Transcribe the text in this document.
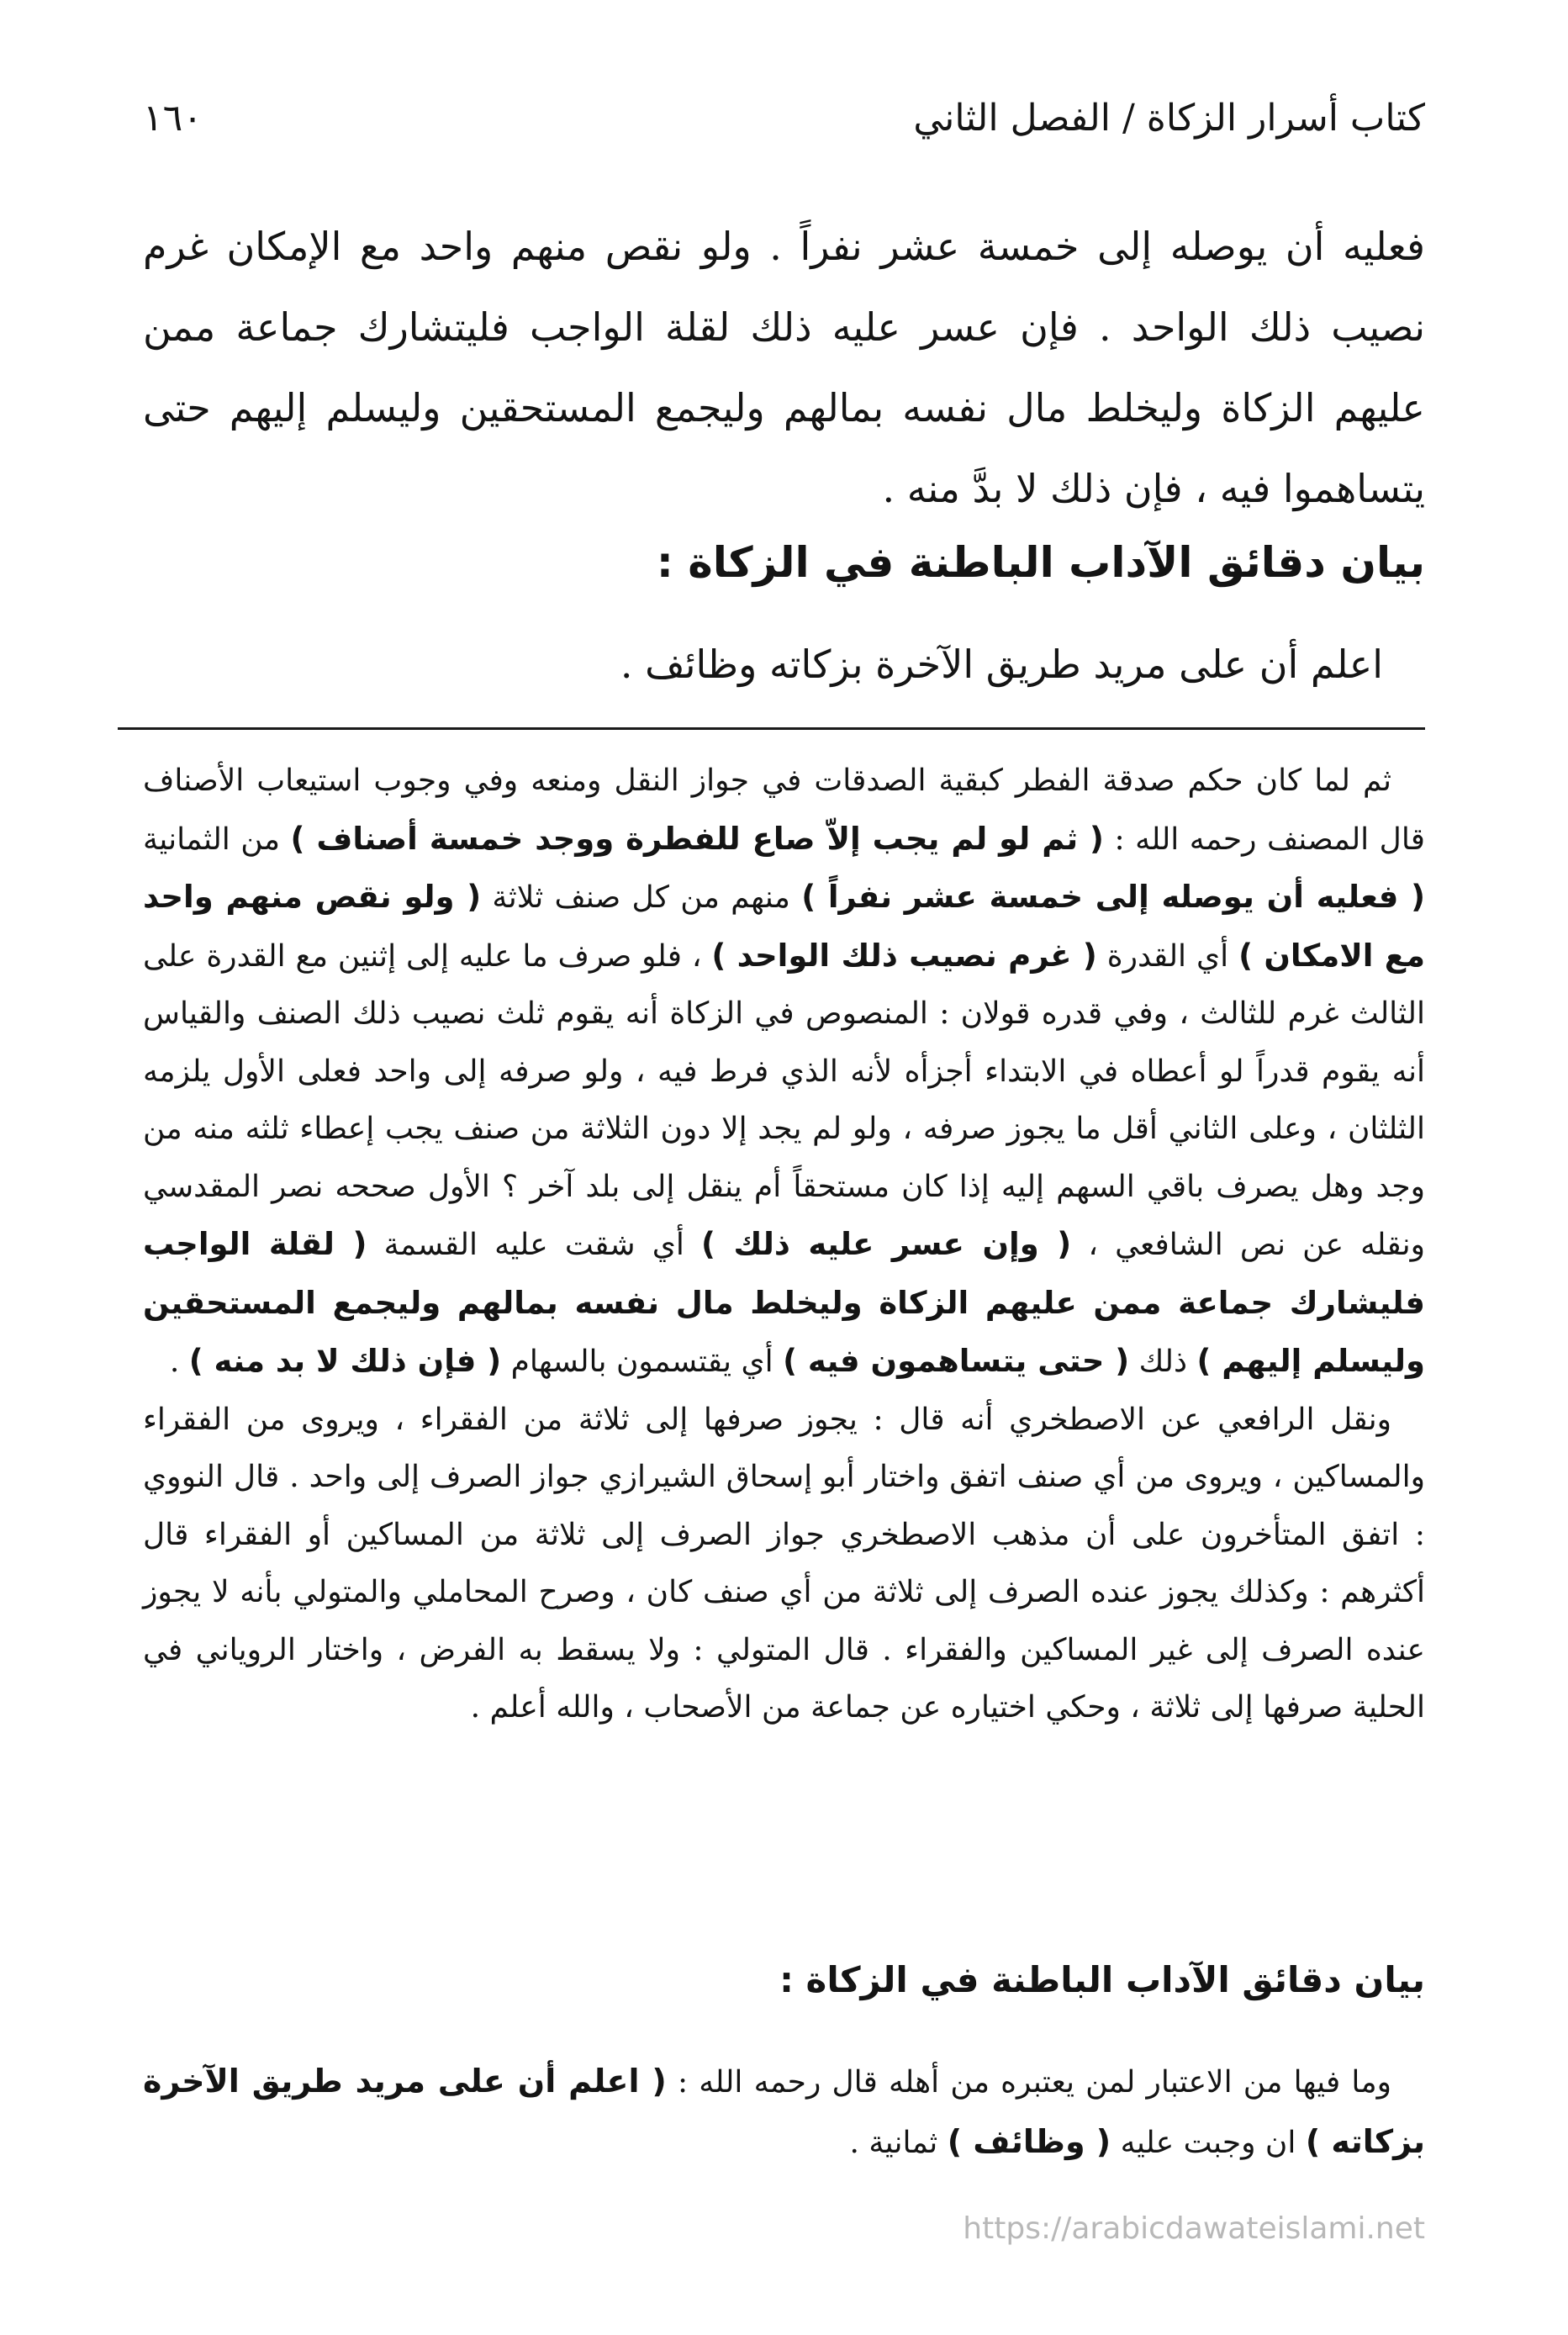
كتاب أسرار الزكاة / الفصل الثاني
١٦٠

فعليه أن يوصله إلى خمسة عشر نفراً . ولو نقص منهم واحد مع الإمكان غرم نصيب ذلك الواحد . فإن عسر عليه ذلك لقلة الواجب فليتشارك جماعة ممن عليهم الزكاة وليخلط مال نفسه بمالهم وليجمع المستحقين وليسلم إليهم حتى يتساهموا فيه ، فإن ذلك لا بدَّ منه .

بيان دقائق الآداب الباطنة في الزكاة :
اعلم أن على مريد طريق الآخرة بزكاته وظائف .

ثم لما كان حكم صدقة الفطر كبقية الصدقات في جواز النقل ومنعه وفي وجوب استيعاب الأصناف قال المصنف رحمه الله : ( ثم لو لم يجب إلاّ صاع للفطرة ووجد خمسة أصناف ) من الثمانية ( فعليه أن يوصله إلى خمسة عشر نفراً ) منهم من كل صنف ثلاثة ( ولو نقص منهم واحد مع الامكان ) أي القدرة ( غرم نصيب ذلك الواحد ) ، فلو صرف ما عليه إلى إثنين مع القدرة على الثالث غرم للثالث ، وفي قدره قولان : المنصوص في الزكاة أنه يقوم ثلث نصيب ذلك الصنف والقياس أنه يقوم قدراً لو أعطاه في الابتداء أجزأه لأنه الذي فرط فيه ، ولو صرفه إلى واحد فعلى الأول يلزمه الثلثان ، وعلى الثاني أقل ما يجوز صرفه ، ولو لم يجد إلا دون الثلاثة من صنف يجب إعطاء ثلثه منه من وجد وهل يصرف باقي السهم إليه إذا كان مستحقاً أم ينقل إلى بلد آخر ؟ الأول صححه نصر المقدسي ونقله عن نص الشافعي ، ( وإن عسر عليه ذلك ) أي شقت عليه القسمة ( لقلة الواجب فليشارك جماعة ممن عليهم الزكاة وليخلط مال نفسه بمالهم وليجمع المستحقين وليسلم إليهم ) ذلك ( حتى يتساهمون فيه ) أي يقتسمون بالسهام ( فإن ذلك لا بد منه ) .

ونقل الرافعي عن الاصطخري أنه قال : يجوز صرفها إلى ثلاثة من الفقراء ، ويروى من الفقراء والمساكين ، ويروى من أي صنف اتفق واختار أبو إسحاق الشيرازي جواز الصرف إلى واحد . قال النووي : اتفق المتأخرون على أن مذهب الاصطخري جواز الصرف إلى ثلاثة من المساكين أو الفقراء قال أكثرهم : وكذلك يجوز عنده الصرف إلى ثلاثة من أي صنف كان ، وصرح المحاملي والمتولي بأنه لا يجوز عنده الصرف إلى غير المساكين والفقراء . قال المتولي : ولا يسقط به الفرض ، واختار الروياني في الحلية صرفها إلى ثلاثة ، وحكي اختياره عن جماعة من الأصحاب ، والله أعلم .

بيان دقائق الآداب الباطنة في الزكاة :

وما فيها من الاعتبار لمن يعتبره من أهله قال رحمه الله : ( اعلم أن على مريد طريق الآخرة بزكاته ) ان وجبت عليه ( وظائف ) ثمانية .

https://arabicdawateislami.net
